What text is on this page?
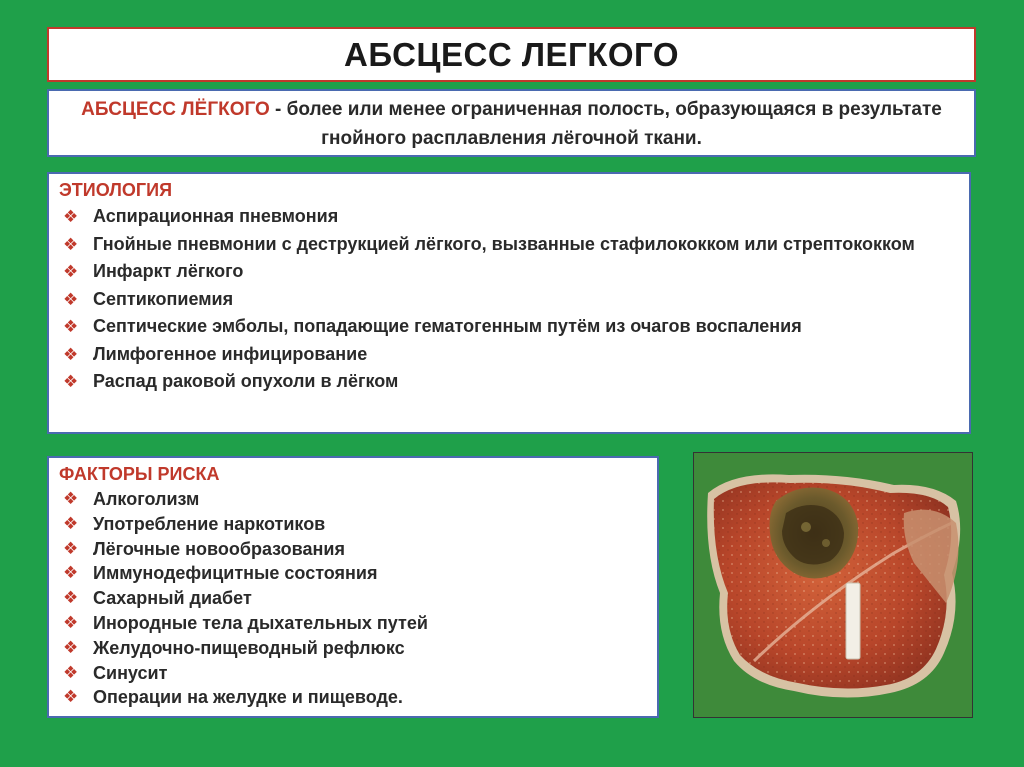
АБСЦЕСС ЛЕГКОГО
АБСЦЕСС ЛЁГКОГО - более или менее ограниченная полость, образующаяся в результате гнойного расплавления лёгочной ткани.
ЭТИОЛОГИЯ
❖ Аспирационная пневмония
❖ Гнойные пневмонии с деструкцией лёгкого, вызванные стафилококком или стрептококком
❖ Инфаркт лёгкого
❖ Септикопиемия
❖ Септические эмболы, попадающие гематогенным путём из очагов воспаления
❖ Лимфогенное инфицирование
❖ Распад раковой опухоли в лёгком
ФАКТОРЫ РИСКА
❖ Алкоголизм
❖ Употребление наркотиков
❖ Лёгочные новообразования
❖ Иммунодефицитные состояния
❖ Сахарный диабет
❖ Инородные тела дыхательных путей
❖ Желудочно-пищеводный рефлюкс
❖ Синусит
❖ Операции на желудке и пищеводе.
